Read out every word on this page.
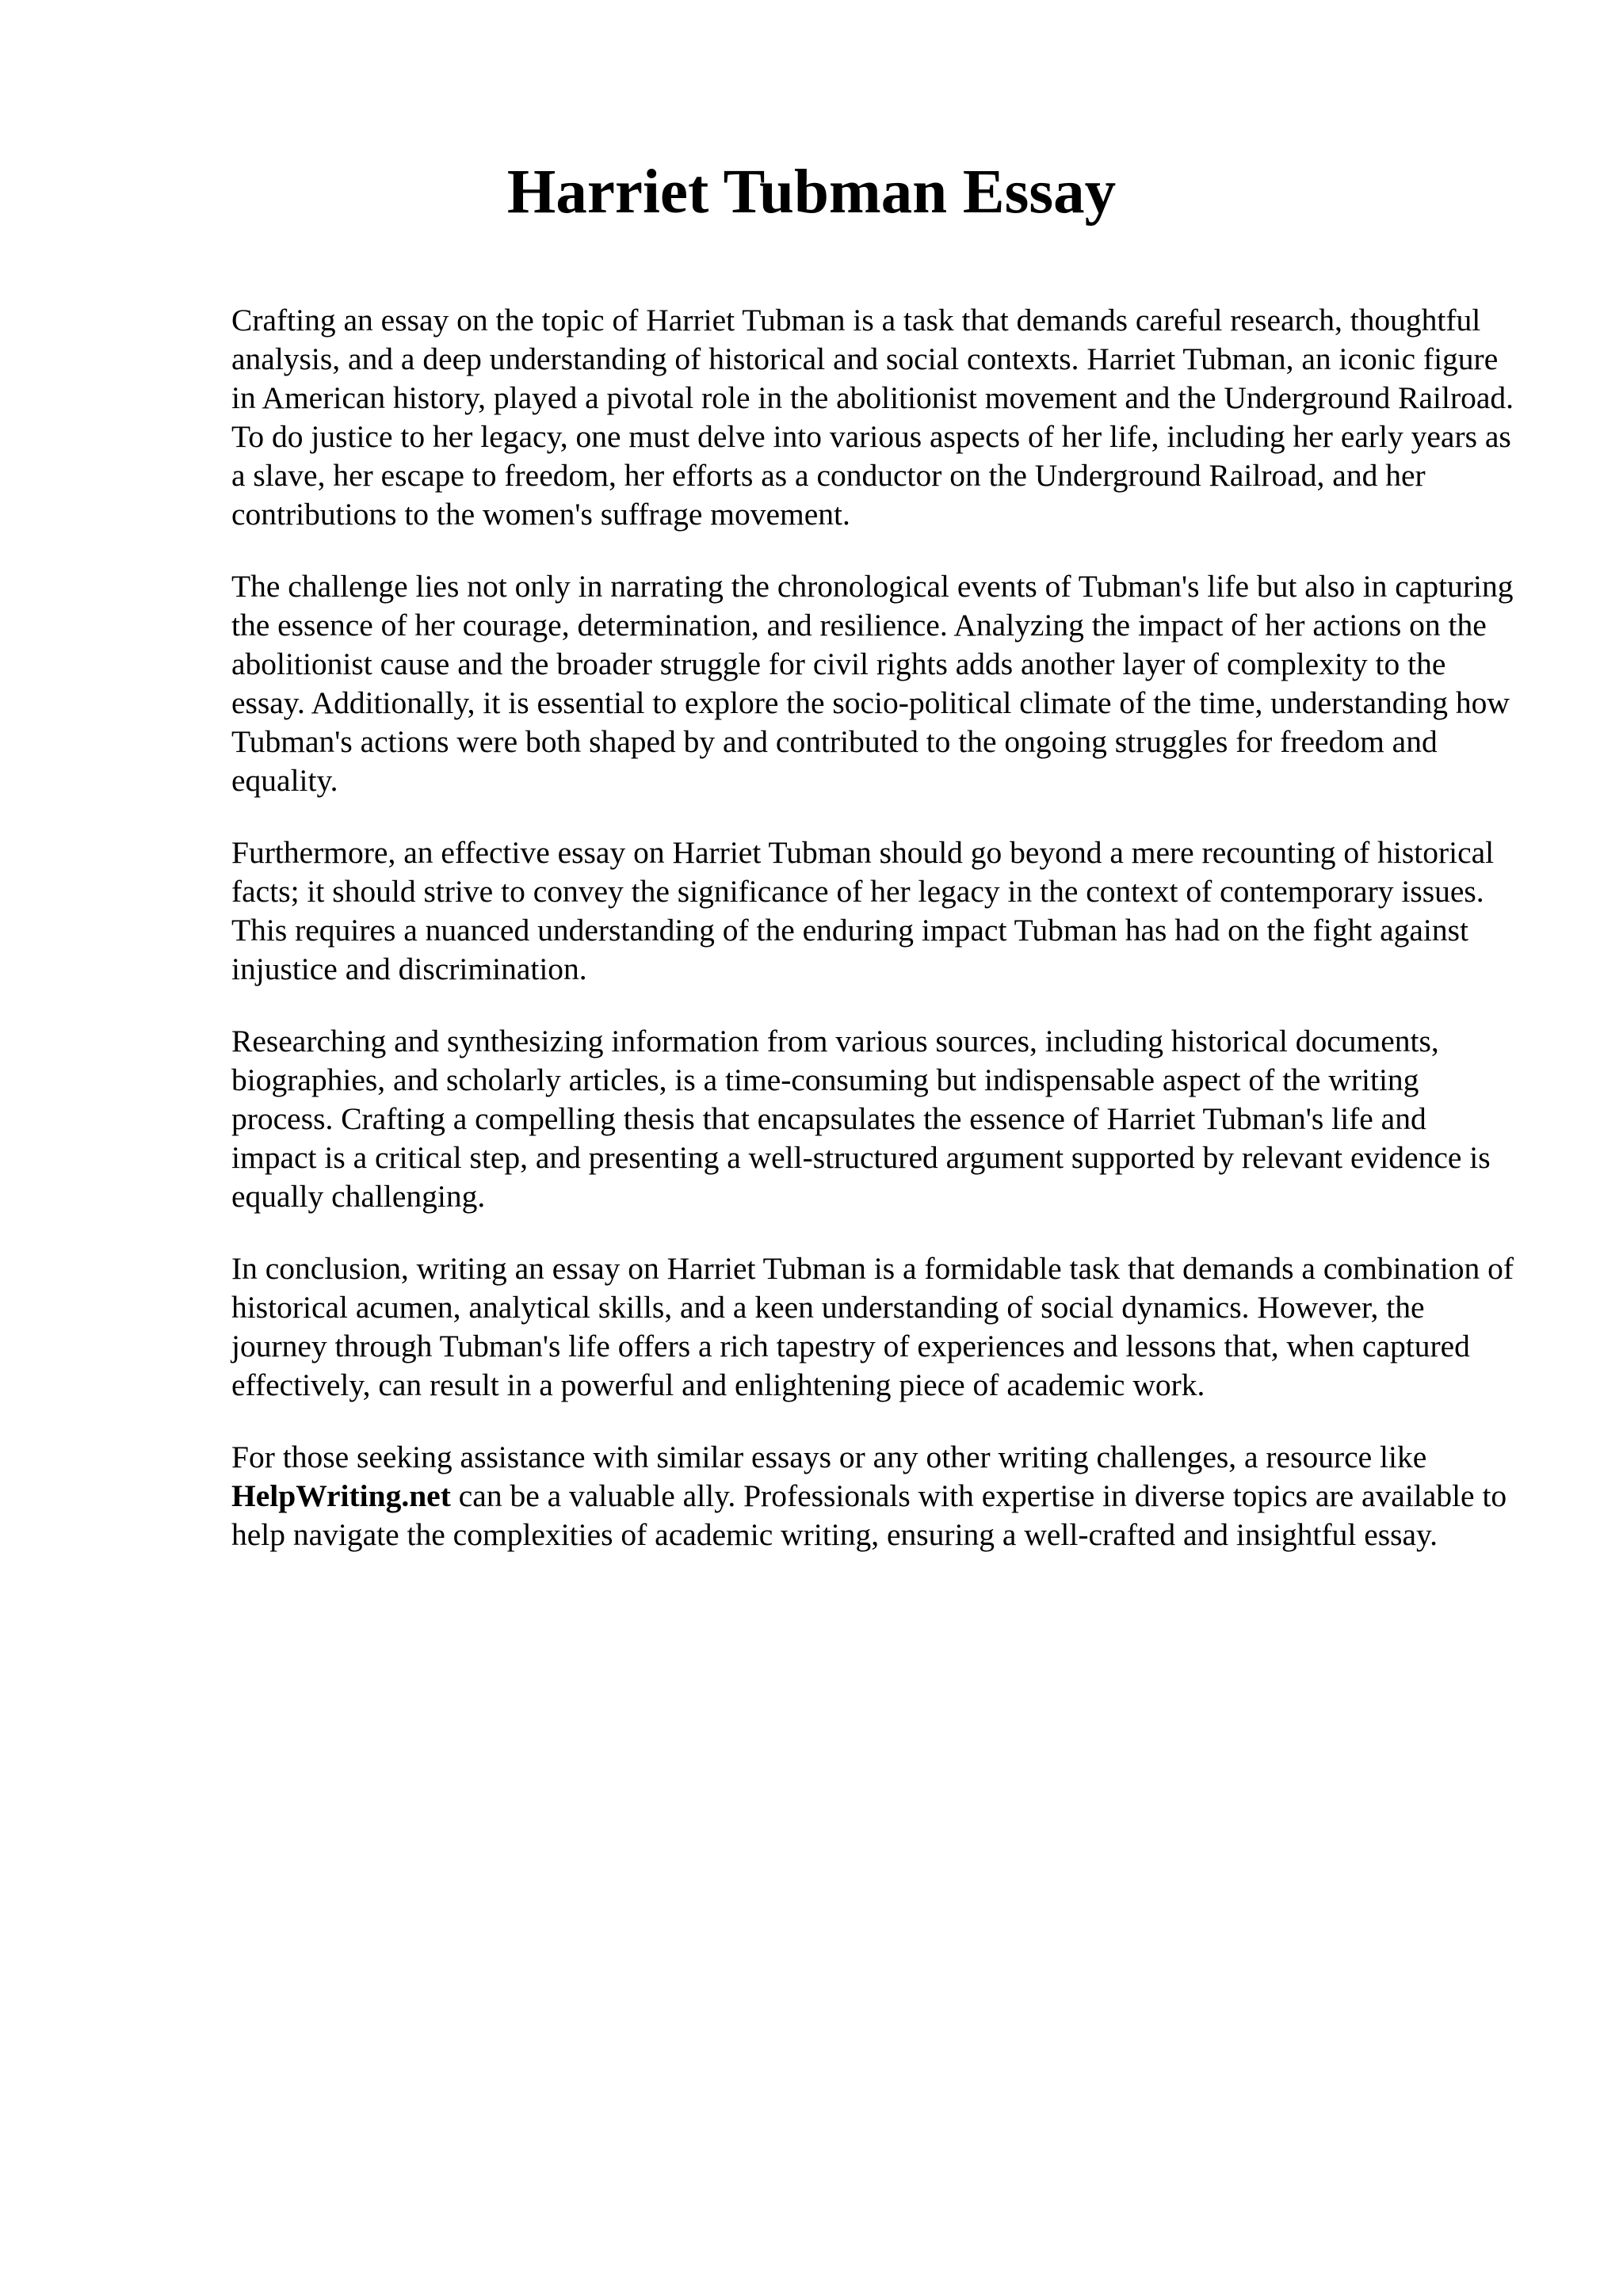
Harriet Tubman Essay

Crafting an essay on the topic of Harriet Tubman is a task that demands careful research, thoughtful analysis, and a deep understanding of historical and social contexts. Harriet Tubman, an iconic figure in American history, played a pivotal role in the abolitionist movement and the Underground Railroad. To do justice to her legacy, one must delve into various aspects of her life, including her early years as a slave, her escape to freedom, her efforts as a conductor on the Underground Railroad, and her contributions to the women's suffrage movement.

The challenge lies not only in narrating the chronological events of Tubman's life but also in capturing the essence of her courage, determination, and resilience. Analyzing the impact of her actions on the abolitionist cause and the broader struggle for civil rights adds another layer of complexity to the essay. Additionally, it is essential to explore the socio-political climate of the time, understanding how Tubman's actions were both shaped by and contributed to the ongoing struggles for freedom and equality.

Furthermore, an effective essay on Harriet Tubman should go beyond a mere recounting of historical facts; it should strive to convey the significance of her legacy in the context of contemporary issues. This requires a nuanced understanding of the enduring impact Tubman has had on the fight against injustice and discrimination.

Researching and synthesizing information from various sources, including historical documents, biographies, and scholarly articles, is a time-consuming but indispensable aspect of the writing process. Crafting a compelling thesis that encapsulates the essence of Harriet Tubman's life and impact is a critical step, and presenting a well-structured argument supported by relevant evidence is equally challenging.

In conclusion, writing an essay on Harriet Tubman is a formidable task that demands a combination of historical acumen, analytical skills, and a keen understanding of social dynamics. However, the journey through Tubman's life offers a rich tapestry of experiences and lessons that, when captured effectively, can result in a powerful and enlightening piece of academic work.

For those seeking assistance with similar essays or any other writing challenges, a resource like HelpWriting.net can be a valuable ally. Professionals with expertise in diverse topics are available to help navigate the complexities of academic writing, ensuring a well-crafted and insightful essay.
